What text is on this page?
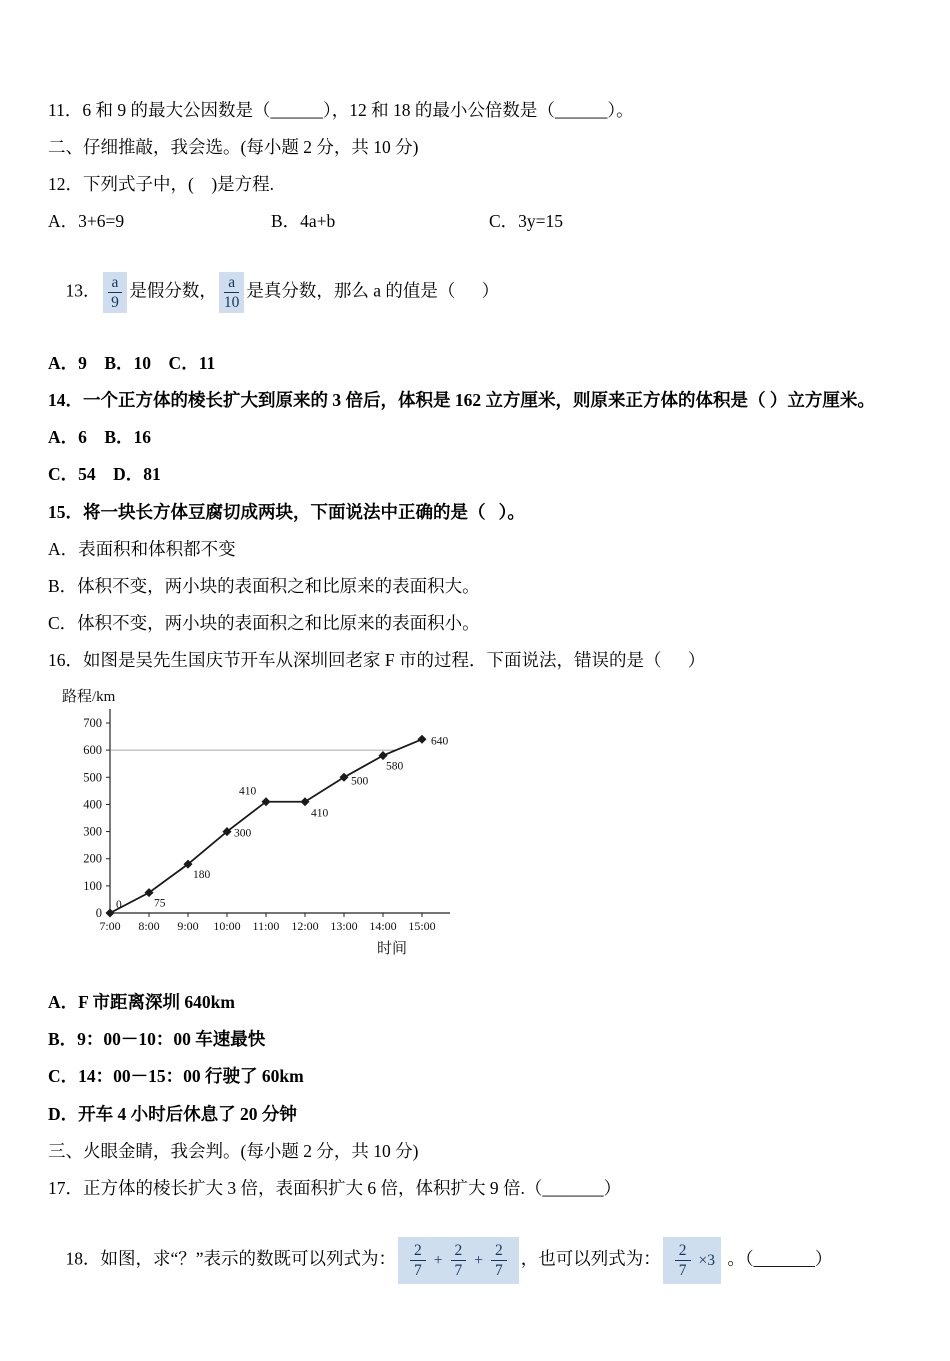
11．6 和 9 的最大公因数是（______），12 和 18 的最小公倍数是（______）。

二、仔细推敲，我会选。(每小题 2 分，共 10 分)

12．下列式子中，(    )是方程.

A．3+6=9	B．4a+b	C．3y=15

13． $\frac{a}{9}$ 是假分数， $\frac{a}{10}$ 是真分数，那么 a 的值是（      ）

A．9　B．10　C．11

14．一个正方体的棱长扩大到原来的 3 倍后，体积是 162 立方厘米，则原来正方体的体积是（ ）立方厘米。

A．6　B．16

C．54　D．81

15．将一块长方体豆腐切成两块，下面说法中正确的是（   ）。

A．表面积和体积都不变

B．体积不变，两小块的表面积之和比原来的表面积大。

C．体积不变，两小块的表面积之和比原来的表面积小。

16．如图是吴先生国庆节开车从深圳回老家 F 市的过程．下面说法，错误的是（      ）

路程/km
0
100
200
300
400
500
600
700
7:00 8:00 9:00 10:00 11:00 12:00 13:00 14:00 15:00
时间
0	75
180
300
410
410
500
580
640

A．F 市距离深圳 640km

B．9：00－10：00 车速最快

C．14：00－15：00 行驶了 60km

D．开车 4 小时后休息了 20 分钟

三、火眼金睛，我会判。(每小题 2 分，共 10 分)

17．正方体的棱长扩大 3 倍，表面积扩大 6 倍，体积扩大 9 倍.（_______）

18．如图，求“？”表示的数既可以列式为： $\frac{2}{7} + \frac{2}{7} + \frac{2}{7}$ ，也可以列式为： $\frac{2}{7} \times 3$ 。（_______）
